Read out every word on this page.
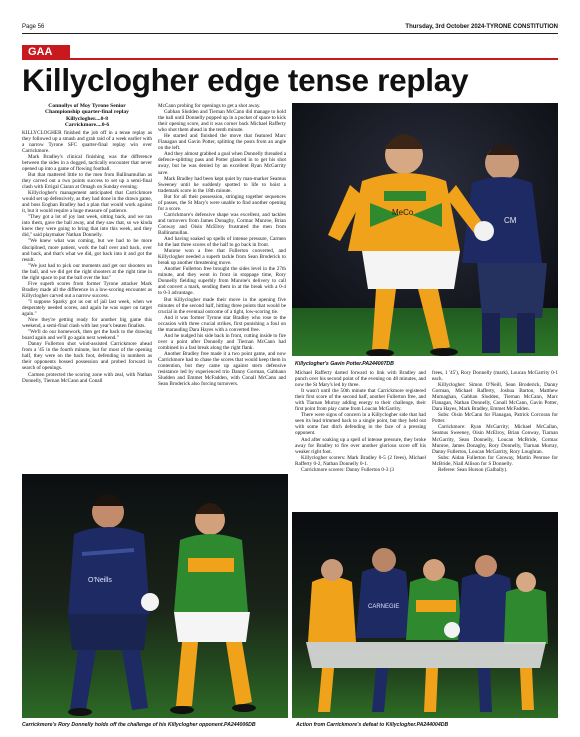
Page 56	Thursday, 3rd October 2024-TYRONE CONSTITUTION
GAA
Killyclogher edge tense replay
Connollys of Moy Tyrone Senior
Championship quarter-final replay
Killyclogher....0-8
Carrickmore....0-6

KILLYCLOGHER finished the job off in a tense replay as they followed up a smash and grab raid of a week earlier with a narrow Tyrone SFC quarter-final replay win over Carrickmore.

Mark Bradley's clinical finishing was the difference between the sides in a dogged, tactically encounter that never opened up into a game of flowing football.

But that mattered little to the men from Ballinamullan as they carved out a two points success to set up a semi-final clash with Errigal Ciaran at Omagh on Sunday evening.

Killyclogher's management anticipated that Carrickmore would set up defensively, as they had done in the drawn game, and boss Eoghan Bradley had a plan that would work against it, but it would require a huge measure of patience.

"They got a lot of joy last week, sitting back, and we ran into them, gave the ball away, and they saw that, so we kinda knew they were going to bring that into this week, and they did," said playmaker Nathan Donnelly.

"We knew what was coming, but we had to be more disciplined, more patient, work the ball over and back, over and back, and that's what we did, got back into it and got the result.

"We just had to pick our moments and get our shooters on the ball, and we did get the right shooters at the right time in the right space to put the ball over the bar."

Five superb scores from former Tyrone attacker Mark Bradley made all the difference in a low-scoring encounter as Killyclogher carved out a narrow success.

"I suppose Sparky got us out of jail last week, when we desperately needed scores, and again he was super on target again."

Now they're getting ready for another big game this weekend, a semi-final clash with last year's beaten finalists.

"We'll do our homework, then get the back to the drawing board again and we'll go again next weekend."

Danny Fullerton shot wind-assisted Carrickmore ahead from a '45 in the fourth minute, but for most of the opening half, they were on the back foot, defending in numbers as their opponents bossed possession and probed forward in search of openings.

Carmen protected the scoring zone with zeal, with Nathan Donnelly, Tiernan McCann and Conall

McCann probing for openings to get a shot away.

Gabhan Sludden and Tiernan McCann did manage to hold the ball until Donnelly popped up in a pocket of space to kick their opening score, and it was corner back Michael Rafferty who shot them ahead in the tenth minute.

He started and finished the move that featured Marc Flanagan and Gavin Potter, splitting the posts from an angle on the left.

And they almost grabbed a goal when Donnelly threaded a defence-splitting pass and Potter glanced in to get his shot away, but he was denied by an excellent Ryan McGarrity save.

Mark Bradley had been kept quiet by man-marker Seamus Sweeney until he suddenly spotted to life to hoist a trademark score in the 18th minute.

But for all their possession, stringing together sequences of passes, the St Mary's were unable to find another opening for a score.

Carrickmore's defensive shape was excellent, and tackles and turnovers from James Donaghy, Cormac Munroe, Brian Conway and Oisin McElroy frustrated the men from Ballinamullan.

And having soaked up spells of intense pressure, Carmen hit the last three scores of the half to go back in front.

Munroe won a free that Fullerton converted, and Killyclogher needed a superb tackle from Sean Broderick to break up another threatening move.

Another Fullerton free brought the sides level in the 27th minute, and they went in front in stoppage time, Rory Donnelly fielding superbly from Munroe's delivery to call and convert a mark, sending them in at the break with a 0-4 to 0-3 advantage.

But Killyclogher made their move in the opening five minutes of the second half, hitting three points that would be crucial in the eventual outcome of a tight, low-scoring tie.

And it was former Tyrone star Bradley who rose to the occasion with three crucial strikes, first punishing a foul on the marauding Dara Hayes with a converted free.

And he nudged his side back in front, cutting inside to fire over a point after Donnelly and Tiernan McCann had combined in a fast break along the right flank.

Another Bradley free made it a two point game, and now Carrickmore had to chase the scores that would keep them in contention, but they came up against stern defensive resistance led by experienced trio Danny Gorman, Gabhann Sludden and Emmet McFadden, with Conall McCann and Sean Broderick also forcing turnovers.

MeCo
CM
Killyclogher's Gavin Potter.PA244007DB

Michael Rafferty darted forward to link with Bradley and punch over his second point of the evening on 48 minutes, and now the St Mary's led by three.

It wasn't until the 50th minute that Carrickmore registered their first score of the second half, another Fullerton free, and with Tiarnan Murray adding energy to their challenge, their first point from play came from Loucan McGarrity.

There were signs of concern in a Killyclogher side that had seen its lead trimmed back to a single point, but they held out with some fast ditch defending in the face of a pressing opponent.

And after soaking up a spell of intense pressure, they broke away for Bradley to fire over another glorious score off his weaker right foot.

Killyclogher scorers: Mark Bradley 0-5 (2 frees), Michael Rafferty 0-2, Nathan Donnelly 0-1.

Carrickmore scorers: Danny Fullerton 0-3 (3

frees, 1 '45'), Rory Donnelly (mark), Loucan McGarrity 0-1 each.

Killyclogher: Simon O'Neill, Sean Broderick, Danny Gorman, Michael Rafferty, Joshua Barton, Matthew Murnaghan, Gabhan Sludden, Tiernan McCann, Marc Flanagan, Nathan Donnelly, Conall McCann, Gavin Potter, Dara Hayes, Mark Bradley, Emmet McFadden.

Subs: Oisin McCann for Flanagan, Patrick Corcoran for Potter.

Carrickmore: Ryan McGarrity; Michael McCallan, Seamus Sweeney, Oisin McElroy, Brian Conway, Tiarnan McGarrity, Sean Donnelly, Loucan McBride, Cormac Munroe, James Donaghy, Rory Donnelly, Tiarnan Murray, Danny Fullerton, Loucan McGarrity, Rory Loughran.

Subs: Aidan Fullerton for Conway, Martin Penrose for McBride, Niall Allison for S Donnelly.

Referee: Sean Hurson (Galbally).

O'Neills
Carrickmore's Rory Donnelly holds off the challenge of his Killyclogher opponent.PA244006DB
CARNEGIE
Action from Carrickmore's defeat to Killyclogher.PA244004DB
